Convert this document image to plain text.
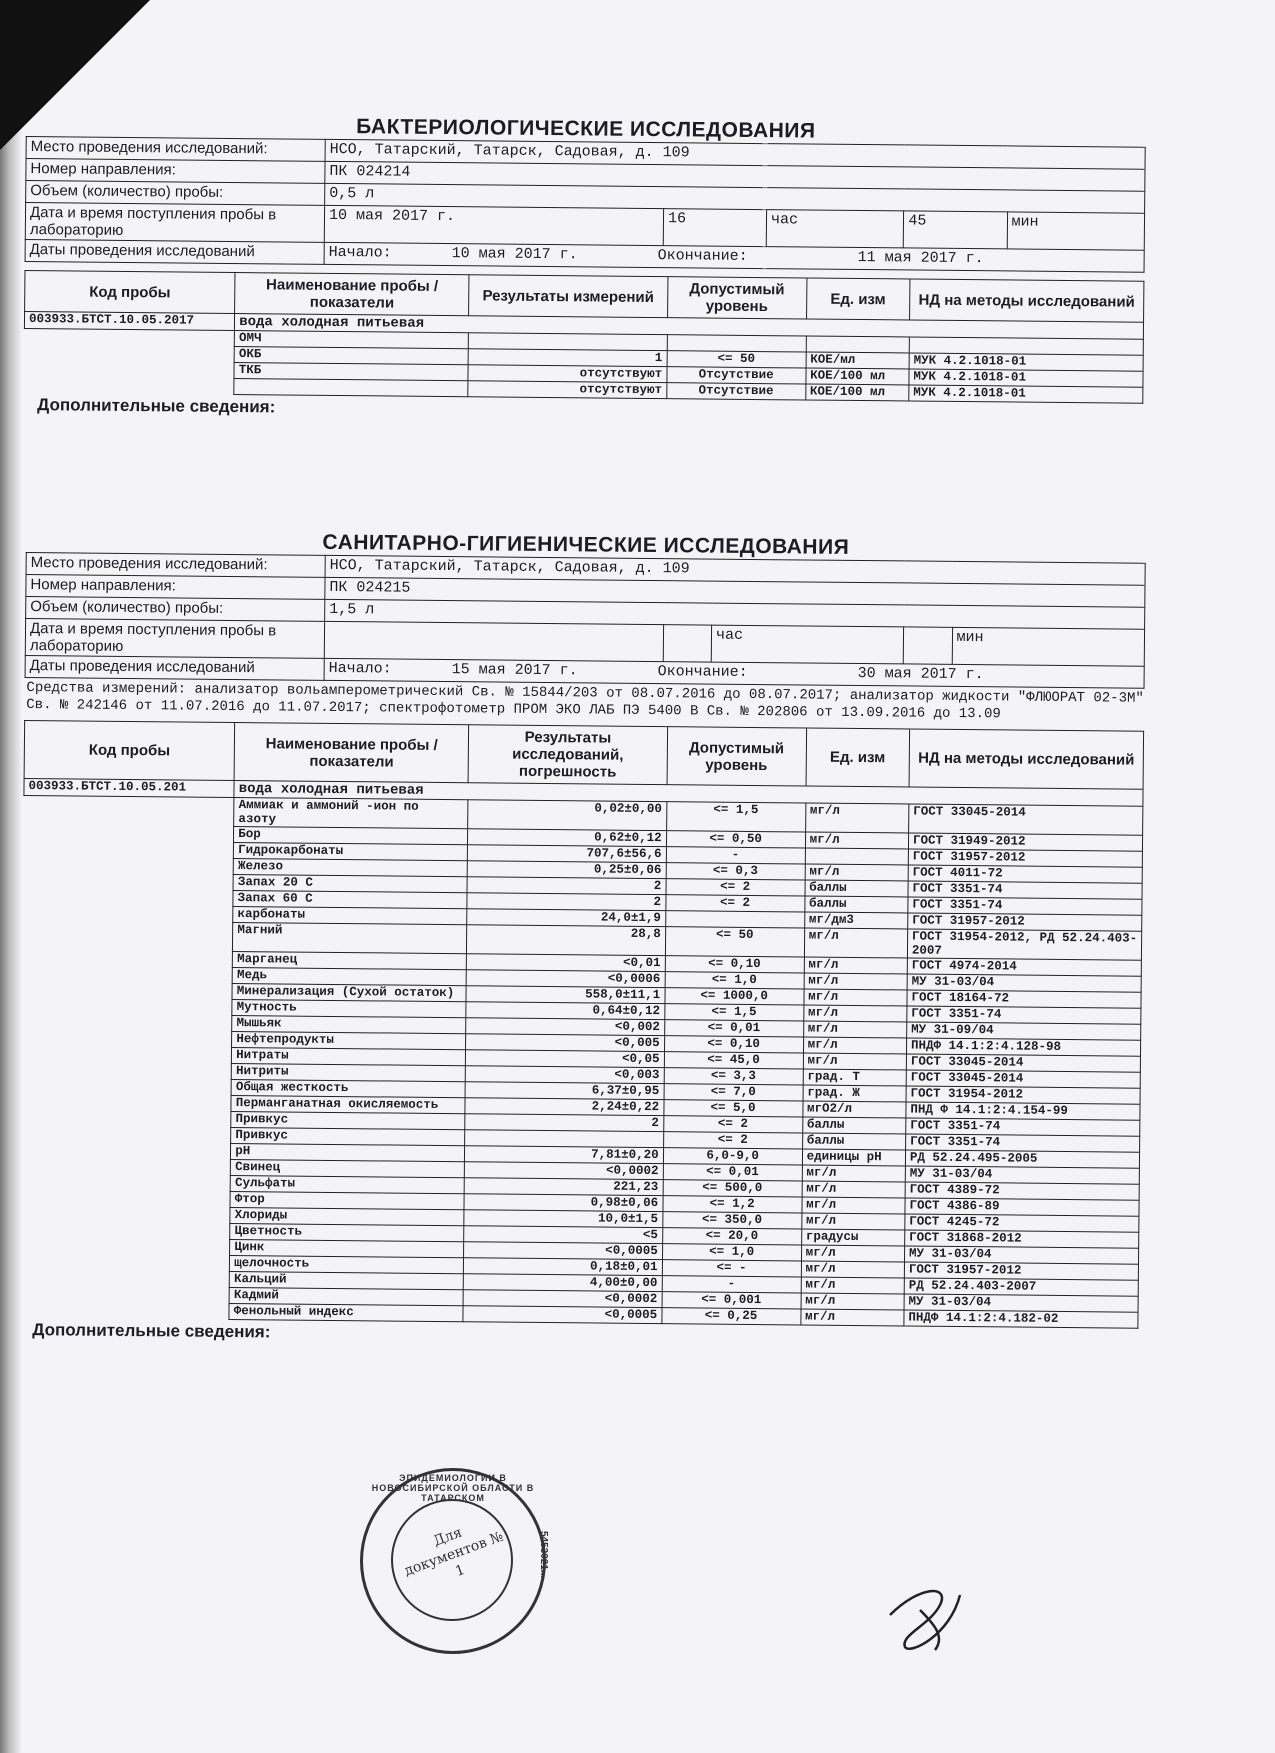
БАКТЕРИОЛОГИЧЕСКИЕ ИССЛЕДОВАНИЯ
Место проведения исследований:	НСО, Татарский, Татарск, Садовая, д. 109				
Номер направления:	ПК 024214				
Объем (количество) пробы:	0,5 л				
Дата и время поступления пробы в лабораторию	10 мая 2017 г.	16	час	45	мин
Даты проведения исследований	Начало: 10 мая 2017 г. Окончание: 11 мая 2017 г.				
Код пробы	Наименование пробы / показатели	Результаты измерений	Допустимый уровень	Ед. изм	НД на методы исследований
003933.БТСТ.10.05.2017	вода холодная питьевая				
	ОМЧ				
	ОКБ	1	<= 50	КОЕ/мл	МУК 4.2.1018-01
	ТКБ	отсутствуют	Отсутствие	КОЕ/100 мл	МУК 4.2.1018-01
		отсутствуют	Отсутствие	КОЕ/100 мл	МУК 4.2.1018-01
Дополнительные сведения:
САНИТАРНО-ГИГИЕНИЧЕСКИЕ ИССЛЕДОВАНИЯ
Место проведения исследований:	НСО, Татарский, Татарск, Садовая, д. 109				
Номер направления:	ПК 024215				
Объем (количество) пробы:	1,5 л				
Дата и время поступления пробы в лабораторию			час		мин
Даты проведения исследований	Начало: 15 мая 2017 г. Окончание: 30 мая 2017 г.				
Средства измерений: анализатор вольамперометрический Св. № 15844/203 от 08.07.2016 до 08.07.2017; анализатор жидкости "ФЛЮОРАТ 02-3М" Св. № 242146 от 11.07.2016 до 11.07.2017; спектрофотометр ПРОМ ЭКО ЛАБ ПЭ 5400 В Св. № 202806 от 13.09.2016 до 13.09
Код пробы	Наименование пробы / показатели	Результаты исследований, погрешность	Допустимый уровень	Ед. изм	НД на методы исследований
003933.БТСТ.10.05.201	вода холодная питьевая				
	Аммиак и аммоний -ион по азоту	0,02±0,00	<= 1,5	мг/л	ГОСТ 33045-2014
	Бор	0,62±0,12	<= 0,50	мг/л	ГОСТ 31949-2012
	Гидрокарбонаты	707,6±56,6	-		ГОСТ 31957-2012
	Железо	0,25±0,06	<= 0,3	мг/л	ГОСТ 4011-72
	Запах 20 С	2	<= 2	баллы	ГОСТ 3351-74
	Запах 60 С	2	<= 2	баллы	ГОСТ 3351-74
	карбонаты	24,0±1,9		мг/дм3	ГОСТ 31957-2012
	Магний	28,8	<= 50	мг/л	ГОСТ 31954-2012, РД 52.24.403-2007
	Марганец	<0,01	<= 0,10	мг/л	ГОСТ 4974-2014
	Медь	<0,0006	<= 1,0	мг/л	МУ 31-03/04
	Минерализация (Сухой остаток)	558,0±11,1	<= 1000,0	мг/л	ГОСТ 18164-72
	Мутность	0,64±0,12	<= 1,5	мг/л	ГОСТ 3351-74
	Мышьяк	<0,002	<= 0,01	мг/л	МУ 31-09/04
	Нефтепродукты	<0,005	<= 0,10	мг/л	ПНДФ 14.1:2:4.128-98
	Нитраты	<0,05	<= 45,0	мг/л	ГОСТ 33045-2014
	Нитриты	<0,003	<= 3,3	град. Т	ГОСТ 33045-2014
	Общая жесткость	6,37±0,95	<= 7,0	град. Ж	ГОСТ 31954-2012
	Перманганатная окисляемость	2,24±0,22	<= 5,0	мгО2/л	ПНД Ф 14.1:2:4.154-99
	Привкус	2	<= 2	баллы	ГОСТ 3351-74
	Привкус		<= 2	баллы	ГОСТ 3351-74
	pH	7,81±0,20	6,0-9,0	единицы pH	РД 52.24.495-2005
	Свинец	<0,0002	<= 0,01	мг/л	МУ 31-03/04
	Сульфаты	221,23	<= 500,0	мг/л	ГОСТ 4389-72
	Фтор	0,98±0,06	<= 1,2	мг/л	ГОСТ 4386-89
	Хлориды	10,0±1,5	<= 350,0	мг/л	ГОСТ 4245-72
	Цветность	<5	<= 20,0	градусы	ГОСТ 31868-2012
	Цинк	<0,0005	<= 1,0	мг/л	МУ 31-03/04
	щелочность	0,18±0,01	<= -	мг/л	ГОСТ 31957-2012
	Кальций	4,00±0,00	-	мг/л	РД 52.24.403-2007
	Кадмий	<0,0002	<= 0,001	мг/л	МУ 31-03/04
	Фенольный индекс	<0,0005	<= 0,25	мг/л	ПНДФ 14.1:2:4.182-02
Дополнительные сведения:
ЭПИДЕМИОЛОГИИ В НОВОСИБИРСКОЙ ОБЛАСТИ В ТАТАРСКОМ
Для документов № 1	5453021...
